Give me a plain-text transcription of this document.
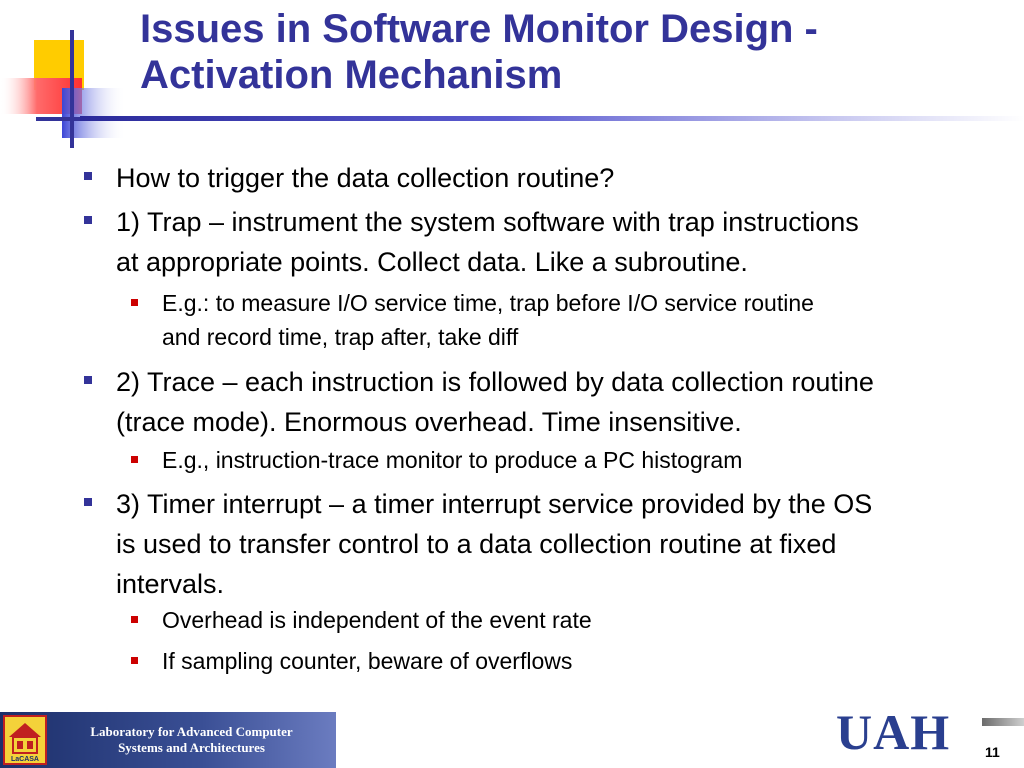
Issues in Software Monitor Design -
Activation Mechanism
How to trigger the data collection routine?
1) Trap – instrument the system software with trap instructions
at appropriate points. Collect data. Like a subroutine.
E.g.: to measure I/O service time, trap before I/O service routine
and record time, trap after, take diff
2) Trace – each instruction is followed by data collection routine
(trace mode). Enormous overhead. Time insensitive.
E.g., instruction-trace monitor to produce a PC histogram
3) Timer interrupt – a timer interrupt service provided by the OS
is used to transfer control to a data collection routine at fixed
intervals.
Overhead is independent of the event rate
If sampling counter, beware of overflows
LaCASA
Laboratory for Advanced Computer
Systems and Architectures	UAH 11
